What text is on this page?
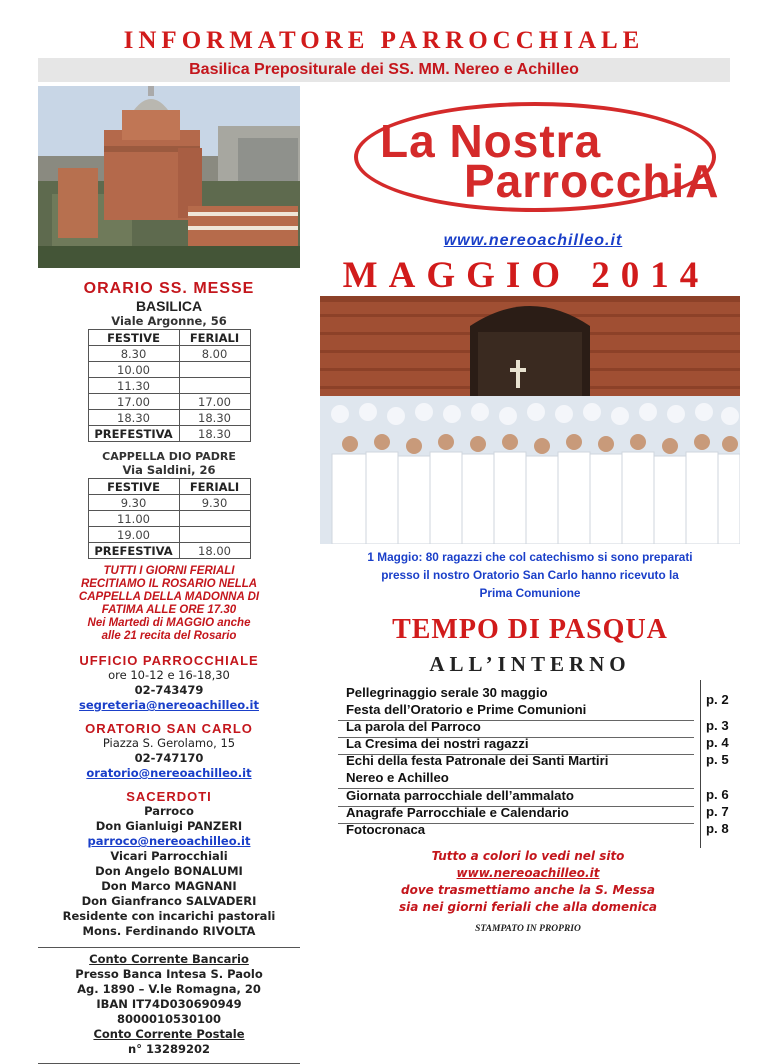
INFORMATORE PARROCCHIALE
Basilica Prepositurale dei SS. MM. Nereo e Achilleo
La Nostra
ParrocchiA
www.nereoachilleo.it
MAGGIO 2014
ORARIO SS. MESSE
BASILICA
Viale Argonne, 56
FESTIVE	FERIALI
8.30	8.00
10.00	
11.30	
17.00	17.00
18.30	18.30
PREFESTIVA	18.30
CAPPELLA DIO PADRE
Via Saldini, 26
FESTIVE	FERIALI
9.30	9.30
11.00	
19.00	
PREFESTIVA	18.00
TUTTI I GIORNI FERIALI
RECITIAMO IL ROSARIO NELLA
CAPPELLA DELLA MADONNA DI
FATIMA ALLE ORE 17.30
Nei Martedì di MAGGIO anche
alle 21 recita del Rosario
UFFICIO PARROCCHIALE
ore 10-12 e 16-18,30
02-743479
segreteria@nereoachilleo.it
ORATORIO SAN CARLO
Piazza S. Gerolamo, 15
02-747170
oratorio@nereoachilleo.it
SACERDOTI
Parroco
Don Gianluigi PANZERI
parroco@nereoachilleo.it
Vicari Parrocchiali
Don Angelo BONALUMI
Don Marco MAGNANI
Don Gianfranco SALVADERI
Residente con incarichi pastorali
Mons. Ferdinando RIVOLTA
Conto Corrente Bancario
Presso Banca Intesa S. Paolo
Ag. 1890 – V.le Romagna, 20
IBAN IT74D030690949
8000010530100
Conto Corrente Postale
n° 13289202
1 Maggio: 80 ragazzi che col catechismo si sono preparati
presso il nostro Oratorio San Carlo hanno ricevuto la
Prima Comunione
TEMPO DI PASQUA
ALL’INTERNO
Pellegrinaggio serale 30 maggio	p. 2
Festa dell’Oratorio e Prime Comunioni
La parola del Parroco	p. 3
La Cresima dei nostri ragazzi	p. 4
Echi della festa Patronale dei Santi Martiri	p. 5
Nereo e Achilleo
Giornata parrocchiale dell’ammalato	p. 6
Anagrafe Parrocchiale e Calendario	p. 7
Fotocronaca	p. 8
Tutto a colori lo vedi nel sito
www.nereoachilleo.it
dove trasmettiamo anche la S. Messa
sia nei giorni feriali che alla domenica
STAMPATO IN PROPRIO
